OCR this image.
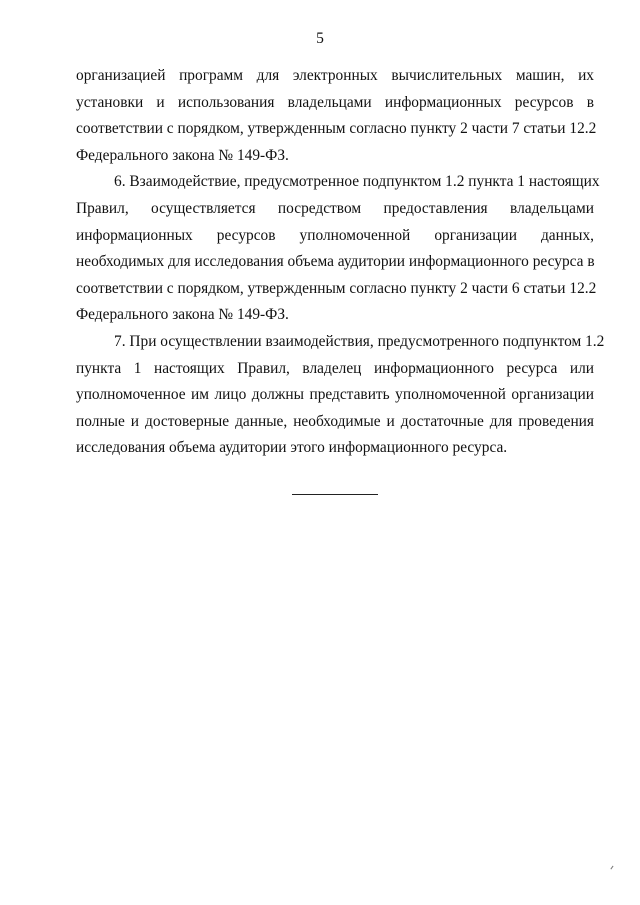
5

организацией программ для электронных вычислительных машин, их
установки и использования владельцами информационных ресурсов в
соответствии с порядком, утвержденным согласно пункту 2 части 7 статьи 12.2
Федерального закона № 149-ФЗ.

6. Взаимодействие, предусмотренное подпунктом 1.2 пункта 1 настоящих
Правил, осуществляется посредством предоставления владельцами
информационных ресурсов уполномоченной организации данных,
необходимых для исследования объема аудитории информационного ресурса в
соответствии с порядком, утвержденным согласно пункту 2 части 6 статьи 12.2
Федерального закона № 149-ФЗ.

7. При осуществлении взаимодействия, предусмотренного подпунктом 1.2
пункта 1 настоящих Правил, владелец информационного ресурса или
уполномоченное им лицо должны представить уполномоченной организации
полные и достоверные данные, необходимые и достаточные для проведения
исследования объема аудитории этого информационного ресурса.
